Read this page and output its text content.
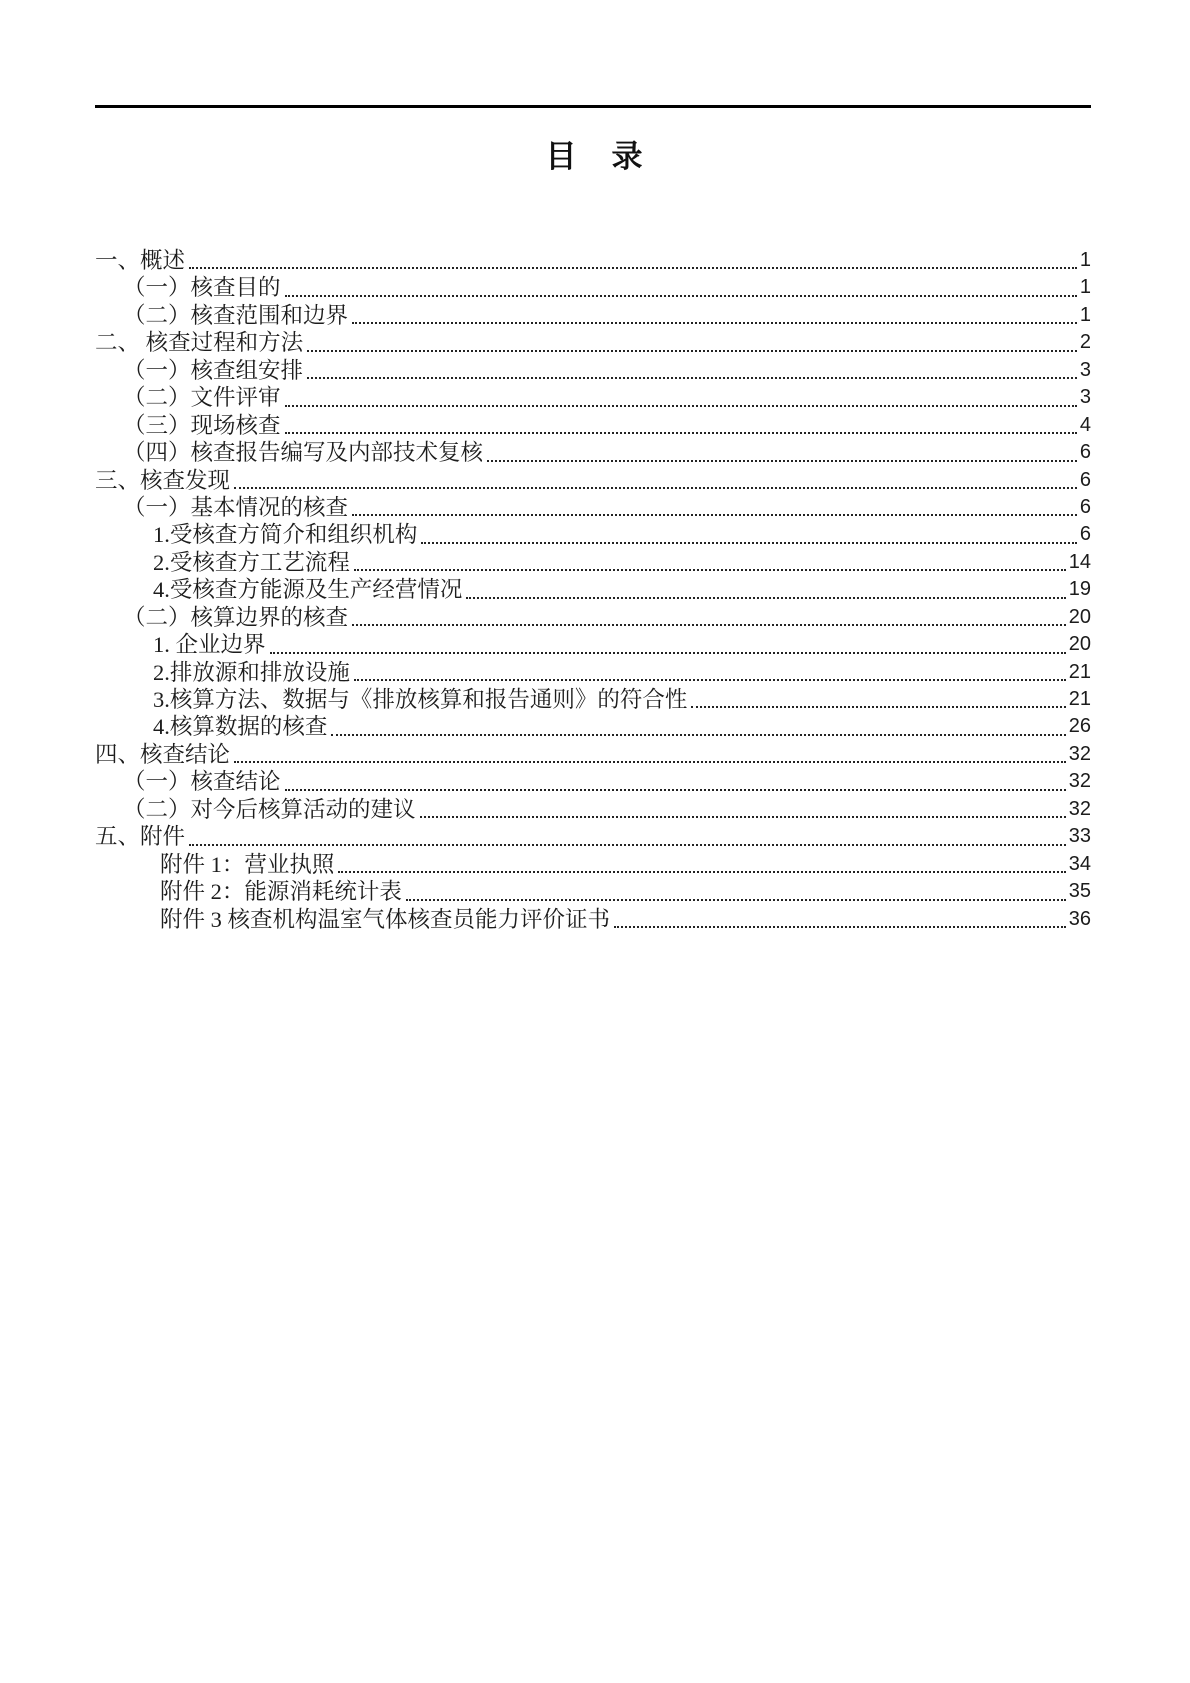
目　录
一、概述	1
（一）核查目的	1
（二）核查范围和边界	1
二、 核查过程和方法	2
（一）核查组安排	3
（二）文件评审	3
（三）现场核查	4
（四）核查报告编写及内部技术复核	6
三、核查发现	6
（一）基本情况的核查	6
1.受核查方简介和组织机构	6
2.受核查方工艺流程	14
4.受核查方能源及生产经营情况	19
（二）核算边界的核查	20
1. 企业边界	20
2.排放源和排放设施	21
3.核算方法、数据与《排放核算和报告通则》的符合性	21
4.核算数据的核查	26
四、核查结论	32
（一）核查结论	32
（二）对今后核算活动的建议	32
五、附件	33
附件 1：营业执照	34
附件 2：能源消耗统计表	35
附件 3 核查机构温室气体核查员能力评价证书	36
